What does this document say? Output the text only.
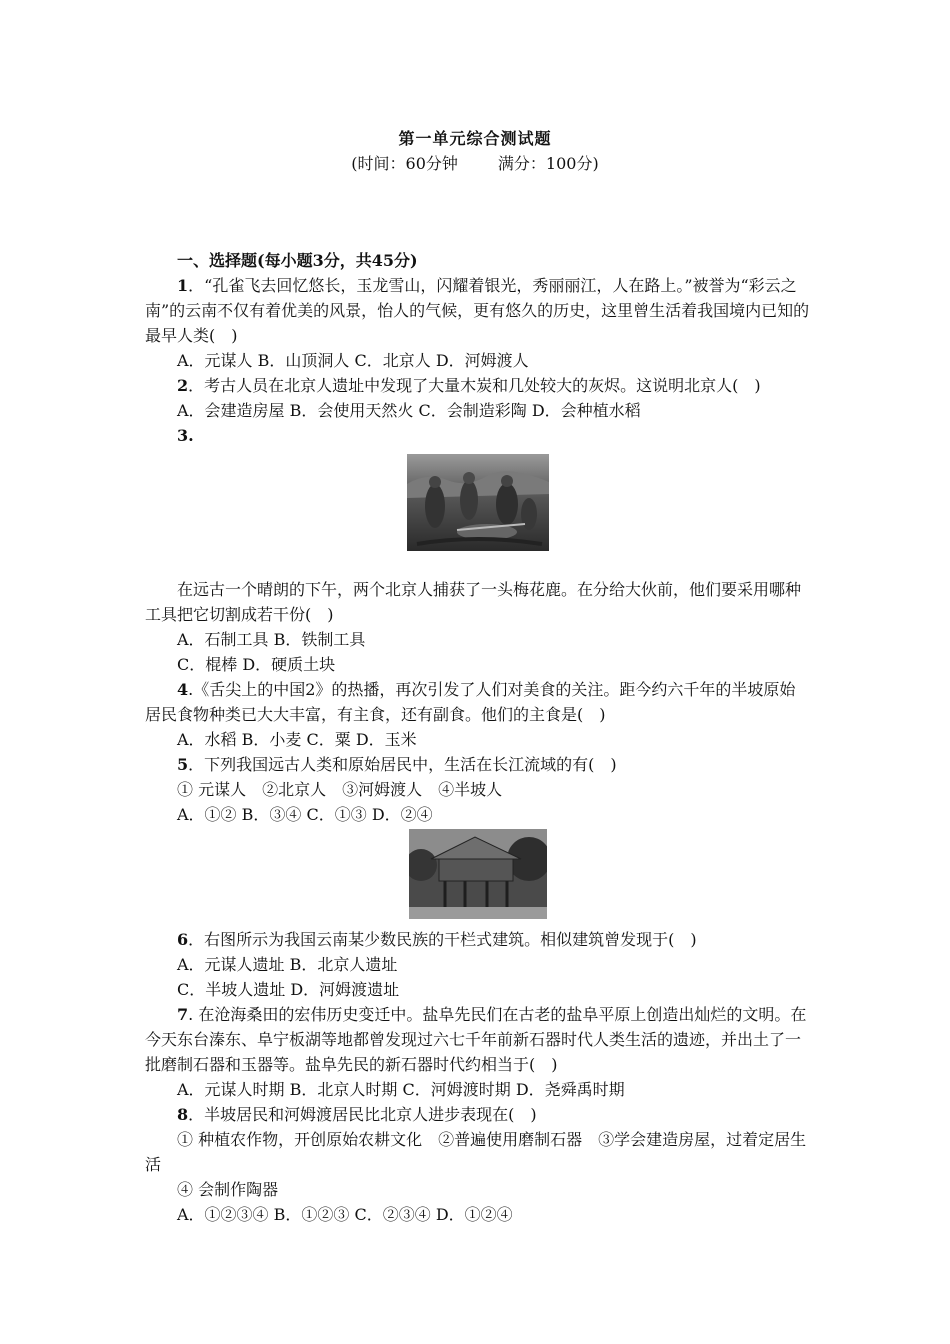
第一单元综合测试题
(时间：60分钟	满分：100分)
一、选择题(每小题3分，共45分)
1．“孔雀飞去回忆悠长，玉龙雪山，闪耀着银光，秀丽丽江，人在路上。”被誉为“彩云之南”的云南不仅有着优美的风景，怡人的气候，更有悠久的历史，这里曾生活着我国境内已知的最早人类(　)
A．元谋人 B．山顶洞人 C．北京人 D．河姆渡人
2．考古人员在北京人遗址中发现了大量木炭和几处较大的灰烬。这说明北京人(　)
A．会建造房屋 B．会使用天然火 C．会制造彩陶 D．会种植水稻
3.
在远古一个晴朗的下午，两个北京人捕获了一头梅花鹿。在分给大伙前，他们要采用哪种工具把它切割成若干份(　)
A．石制工具 B．铁制工具
C．棍棒 D．硬质土块
4.《舌尖上的中国2》的热播，再次引发了人们对美食的关注。距今约六千年的半坡原始居民食物种类已大大丰富，有主食，还有副食。他们的主食是(　)
A．水稻 B．小麦 C．粟 D．玉米
5．下列我国远古人类和原始居民中，生活在长江流域的有(　)
① 元谋人　②北京人　③河姆渡人　④半坡人
A．①② B．③④ C．①③ D．②④
6．右图所示为我国云南某少数民族的干栏式建筑。相似建筑曾发现于(　)
A．元谋人遗址 B．北京人遗址
C．半坡人遗址 D．河姆渡遗址
7. 在沧海桑田的宏伟历史变迁中。盐阜先民们在古老的盐阜平原上创造出灿烂的文明。在今天东台溱东、阜宁板湖等地都曾发现过六七千年前新石器时代人类生活的遗迹，并出土了一批磨制石器和玉器等。盐阜先民的新石器时代约相当于(　)
A．元谋人时期 B．北京人时期 C．河姆渡时期 D．尧舜禹时期
8．半坡居民和河姆渡居民比北京人进步表现在(　)
① 种植农作物，开创原始农耕文化　②普遍使用磨制石器　③学会建造房屋，过着定居生活
④ 会制作陶器
A．①②③④ B．①②③ C．②③④ D．①②④
